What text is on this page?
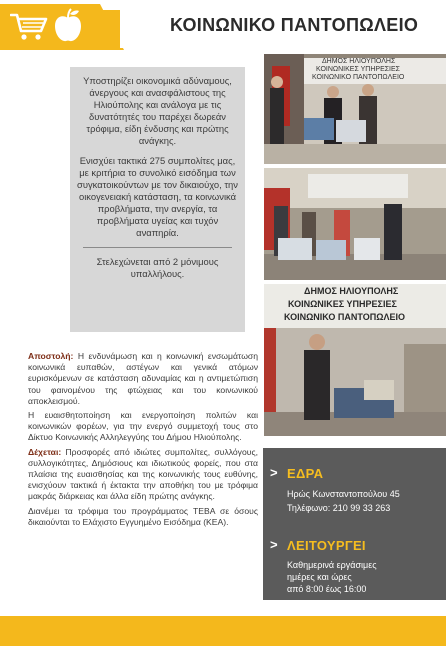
ΚΟΙΝΩΝΙΚΟ ΠΑΝΤΟΠΩΛΕΙΟ

Υποστηρίζει οικονομικά αδύναμους, άνεργους και ανασφάλιστους της Ηλιούπολης και ανάλογα με τις δυνατότητές του παρέχει δωρεάν τρόφιμα, είδη ένδυσης και πρώτης ανάγκης.

Ενισχύει τακτικά 275 συμπολίτες μας, με κριτήρια το συνολικό εισόδημα των συγκατοικούντων με τον δικαιούχο, την οικογενειακή κατάσταση, τα κοινωνικά προβλήματα, την ανεργία, τα προβλήματα υγείας και τυχόν αναπηρία.

Στελεχώνεται από 2 μόνιμους υπαλλήλους.

Αποστολή: Η ενδυνάμωση και η κοινωνική ενσωμάτωση κοινωνικά ευπαθών, αστέγων και γενικά ατόμων ευρισκόμενων σε κατάσταση αδυναμίας και η αντιμετώπιση του φαινομένου της φτώχειας και του κοινωνικού αποκλεισμού.

Η ευαισθητοποίηση και ενεργοποίηση πολιτών και κοινωνικών φορέων, για την ενεργό συμμετοχή τους στο Δίκτυο Κοινωνικής Αλληλεγγύης του Δήμου Ηλιούπολης.

Δέχεται: Προσφορές από ιδιώτες συμπολίτες, συλλόγους, συλλογικότητες, Δημόσιους και ιδιωτικούς φορείς, που στα πλαίσια της ευαισθησίας και της κοινωνικής τους ευθύνης, ενισχύουν τακτικά ή έκτακτα την αποθήκη του με τρόφιμα μακράς διάρκειας και άλλα είδη πρώτης ανάγκης.

Διανέμει τα τρόφιμα του προγράμματος ΤΕΒΑ σε όσους δικαιούνται το Ελάχιστο Εγγυημένο Εισόδημα (ΚΕΑ).

ΔΗΜΟΣ ΗΛΙΟΥΠΟΛΗΣ
ΚΟΙΝΩΝΙΚΕΣ ΥΠΗΡΕΣΙΕΣ
ΚΟΙΝΩΝΙΚΟ ΠΑΝΤΟΠΩΛΕΙΟ
ΔΗΜΟΣ ΗΛΙΟΥΠΟΛΗΣ
ΚΟΙΝΩΝΙΚΕΣ ΥΠΗΡΕΣΙΕΣ
ΚΟΙΝΩΝΙΚΟ ΠΑΝΤΟΠΩΛΕΙΟ
> ΕΔΡΑ
Ηρώς Κωνσταντοπούλου 45
Τηλέφωνο: 210 99 33 263
> ΛΕΙΤΟΥΡΓΕΙ
Καθημερινά εργάσιμες
ημέρες και ώρες
από 8:00 έως 16:00
